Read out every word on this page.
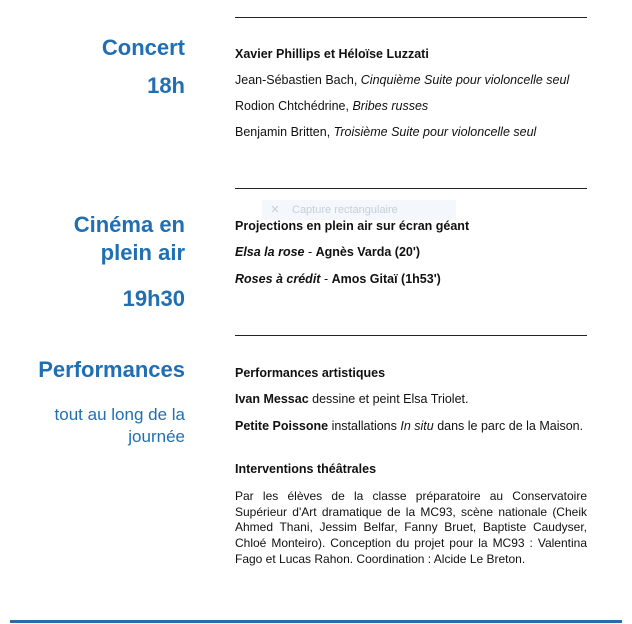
Concert
18h
Xavier Phillips et Héloïse Luzzati
Jean-Sébastien Bach, Cinquième Suite pour violoncelle seul
Rodion Chtchédrine, Bribes russes
Benjamin Britten, Troisième Suite pour violoncelle seul
Cinéma en
plein air
19h30
✕ Capture rectangulaire
Projections en plein air sur écran géant
Elsa la rose - Agnès Varda (20')
Roses à crédit - Amos Gitaï (1h53')
Performances
tout au long de la
journée
Performances artistiques
Ivan Messac dessine et peint Elsa Triolet.
Petite Poissone installations In situ dans le parc de la Maison.
Interventions théâtrales
Par les élèves de la classe préparatoire au Conservatoire Supérieur d'Art dramatique de la MC93, scène nationale (Cheik Ahmed Thani, Jessim Belfar, Fanny Bruet, Baptiste Caudyser, Chloé Monteiro). Conception du projet pour la MC93 : Valentina Fago et Lucas Rahon. Coordination : Alcide Le Breton.
